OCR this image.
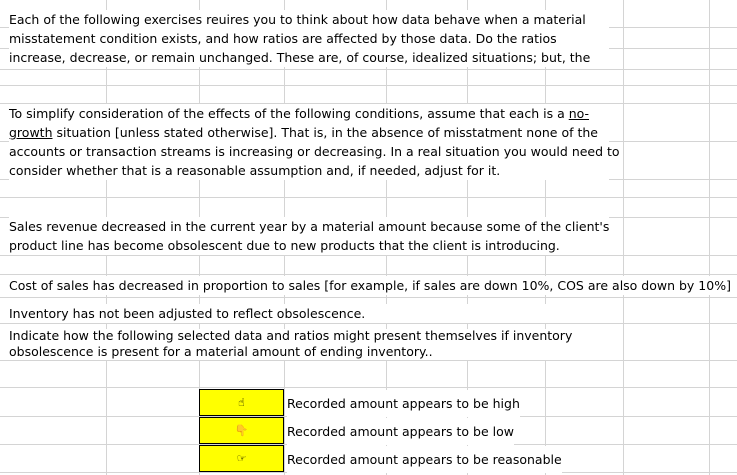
Each of the following exercises reuires you to think about how data behave when a material
misstatement condition exists, and how ratios are affected by those data. Do the ratios
increase, decrease, or remain unchanged. These are, of course, idealized situations; but, the
To simplify consideration of the effects of the following conditions, assume that each is a no-
growth situation [unless stated otherwise]. That is, in the absence of misstatment none of the
accounts or transaction streams is increasing or decreasing. In a real situation you would need to
consider whether that is a reasonable assumption and, if needed, adjust for it.
Sales revenue decreased in the current year by a material amount because some of the client's
product line has become obsolescent due to new products that the client is introducing.
Cost of sales has decreased in proportion to sales [for example, if sales are down 10%, COS are also down by 10%]
Inventory has not been adjusted to reflect obsolescence.
Indicate how the following selected data and ratios might present themselves if inventory
obsolescence is present for a material amount of ending inventory..
☝	Recorded amount appears to be high
👇	Recorded amount appears to be low
☞	Recorded amount appears to be reasonable
